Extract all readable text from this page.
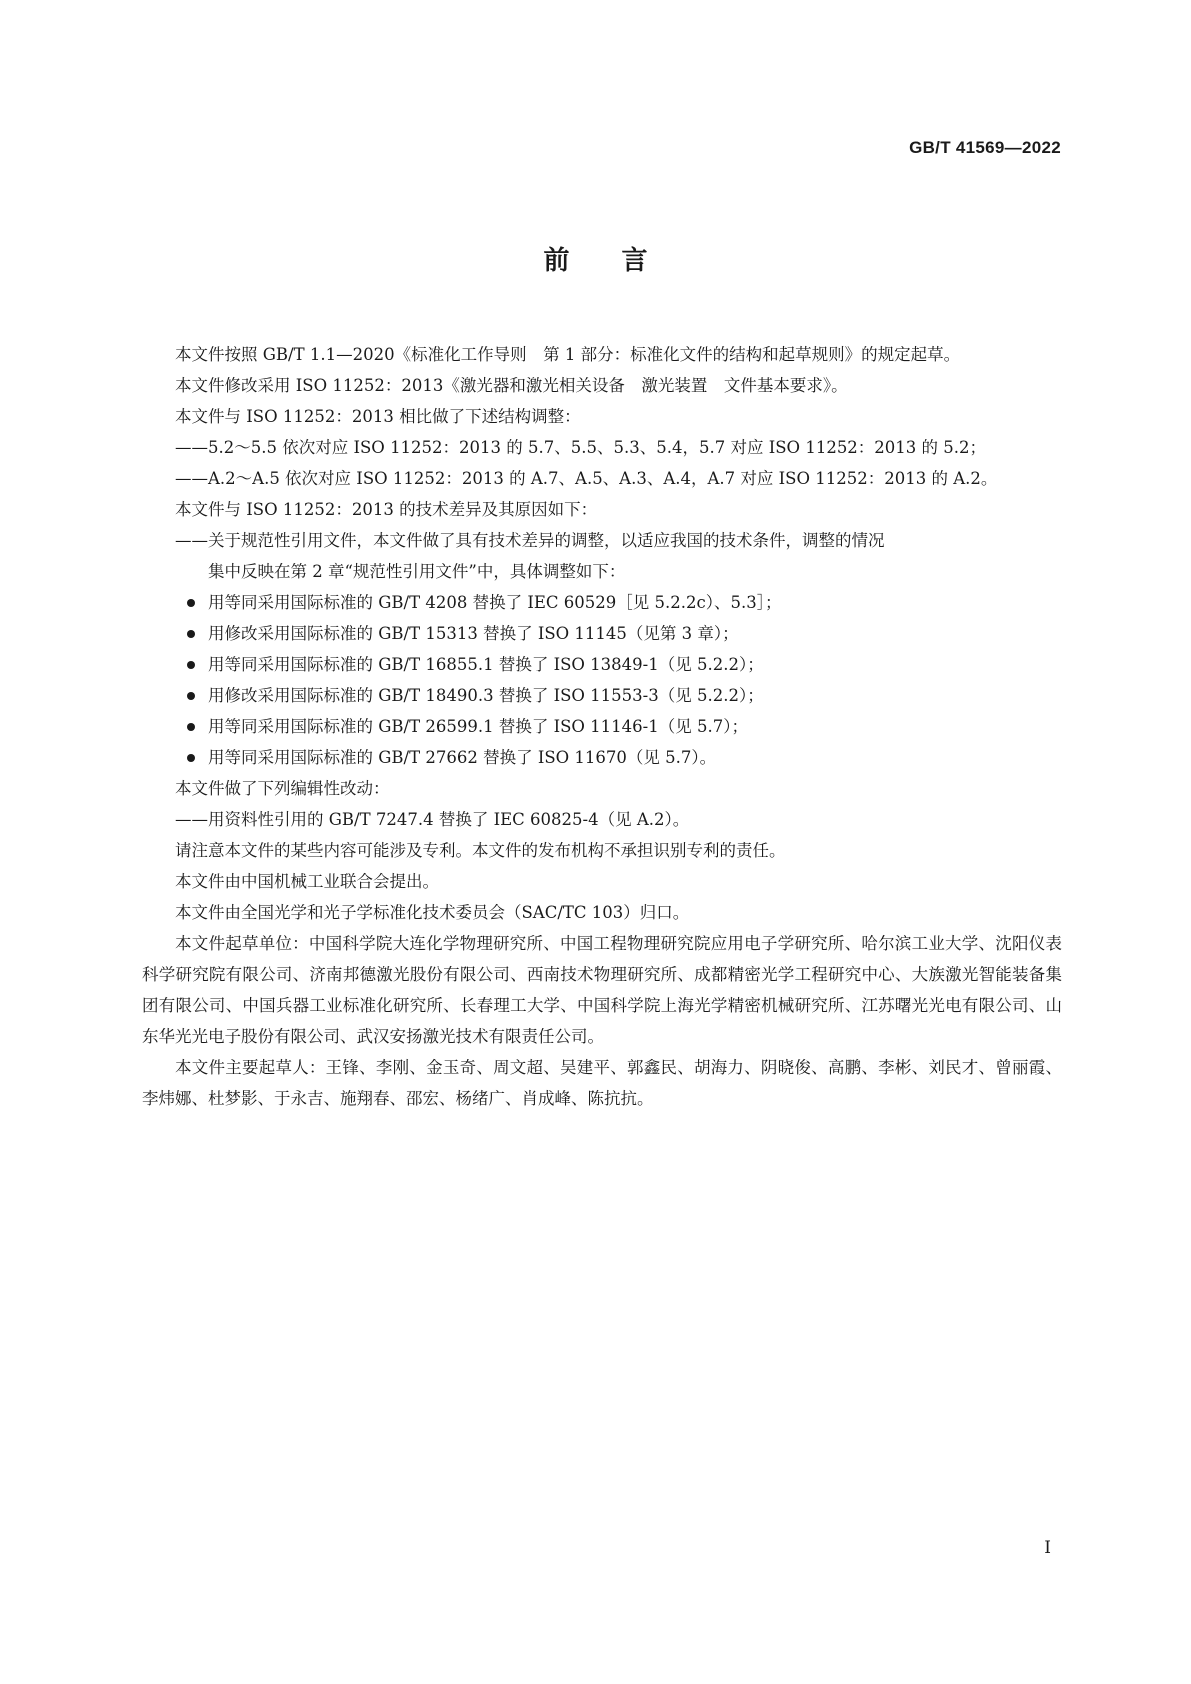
GB/T 41569—2022
前言

本文件按照 GB/T 1.1—2020《标准化工作导则　第 1 部分：标准化文件的结构和起草规则》的规定起草。

本文件修改采用 ISO 11252：2013《激光器和激光相关设备　激光装置　文件基本要求》。

本文件与 ISO 11252：2013 相比做了下述结构调整：

——5.2～5.5 依次对应 ISO 11252：2013 的 5.7、5.5、5.3、5.4，5.7 对应 ISO 11252：2013 的 5.2；

——A.2～A.5 依次对应 ISO 11252：2013 的 A.7、A.5、A.3、A.4，A.7 对应 ISO 11252：2013 的 A.2。

本文件与 ISO 11252：2013 的技术差异及其原因如下：

——关于规范性引用文件，本文件做了具有技术差异的调整，以适应我国的技术条件，调整的情况

集中反映在第 2 章“规范性引用文件”中，具体调整如下：

用等同采用国际标准的 GB/T 4208 替换了 IEC 60529［见 5.2.2c）、5.3］；

用修改采用国际标准的 GB/T 15313 替换了 ISO 11145（见第 3 章）；

用等同采用国际标准的 GB/T 16855.1 替换了 ISO 13849-1（见 5.2.2）；

用修改采用国际标准的 GB/T 18490.3 替换了 ISO 11553-3（见 5.2.2）；

用等同采用国际标准的 GB/T 26599.1 替换了 ISO 11146-1（见 5.7）；

用等同采用国际标准的 GB/T 27662 替换了 ISO 11670（见 5.7）。

本文件做了下列编辑性改动：

——用资料性引用的 GB/T 7247.4 替换了 IEC 60825-4（见 A.2）。

请注意本文件的某些内容可能涉及专利。本文件的发布机构不承担识别专利的责任。

本文件由中国机械工业联合会提出。

本文件由全国光学和光子学标准化技术委员会（SAC/TC 103）归口。

本文件起草单位：中国科学院大连化学物理研究所、中国工程物理研究院应用电子学研究所、哈尔滨工业大学、沈阳仪表科学研究院有限公司、济南邦德激光股份有限公司、西南技术物理研究所、成都精密光学工程研究中心、大族激光智能装备集团有限公司、中国兵器工业标准化研究所、长春理工大学、中国科学院上海光学精密机械研究所、江苏曙光光电有限公司、山东华光光电子股份有限公司、武汉安扬激光技术有限责任公司。

本文件主要起草人：王锋、李刚、金玉奇、周文超、吴建平、郭鑫民、胡海力、阴晓俊、高鹏、李彬、刘民才、曾丽霞、李炜娜、杜梦影、于永吉、施翔春、邵宏、杨绪广、肖成峰、陈抗抗。

I
